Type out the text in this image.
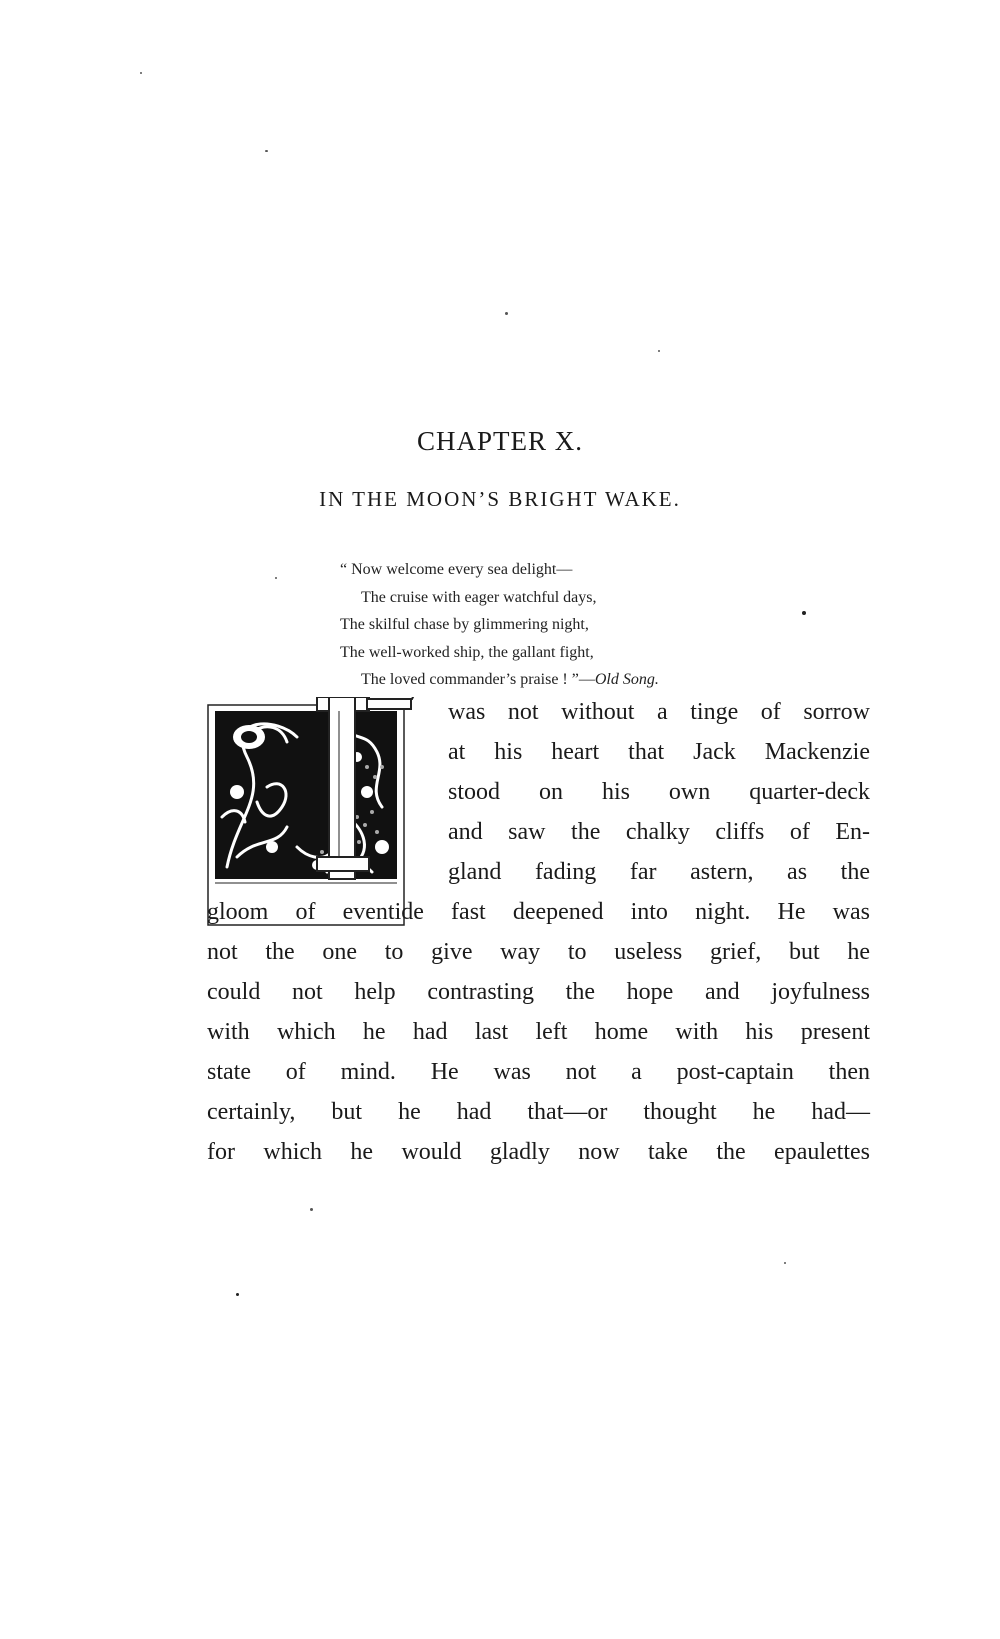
CHAPTER X.
IN THE MOON’S BRIGHT WAKE.
“ Now welcome every sea delight—
The cruise with eager watchful days,
The skilful chase by glimmering night,
The well-worked ship, the gallant fight,
The loved commander’s praise ! ”—Old Song.
was not without a tinge of sorrow
at his heart that Jack Mackenzie
stood on his own quarter-deck
and saw the chalky cliffs of En-
gland fading far astern, as the
gloom of eventide fast deepened into night. He was
not the one to give way to useless grief, but he
could not help contrasting the hope and joyfulness
with which he had last left home with his present
state of mind. He was not a post-captain then
certainly, but he had that—or thought he had—
for which he would gladly now take the epaulettes
